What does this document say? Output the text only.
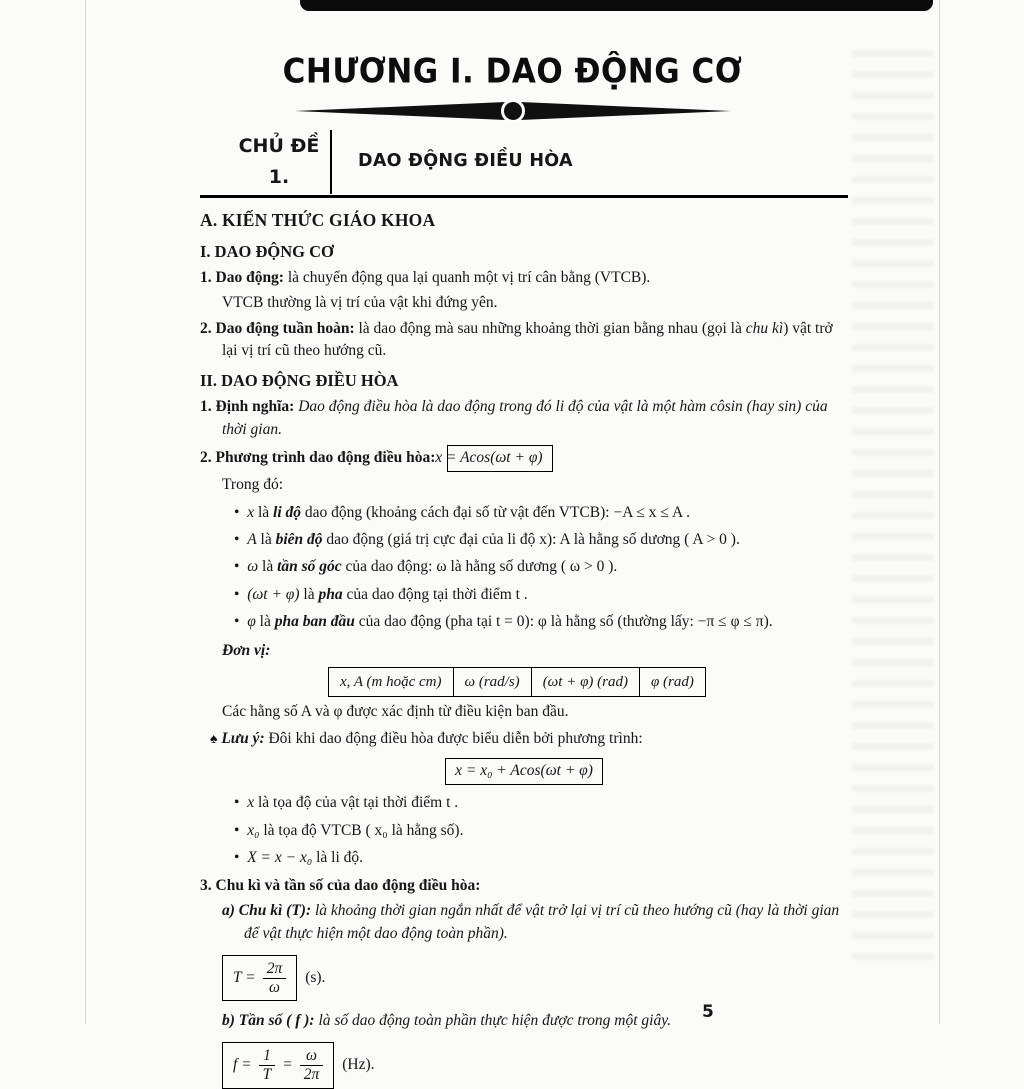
CHƯƠNG I. DAO ĐỘNG CƠ
CHỦ ĐỀ
1.
DAO ĐỘNG ĐIỀU HÒA
A. KIẾN THỨC GIÁO KHOA
I. DAO ĐỘNG CƠ
1. Dao động: là chuyển động qua lại quanh một vị trí cân bằng (VTCB).
VTCB thường là vị trí của vật khi đứng yên.
2. Dao động tuần hoàn: là dao động mà sau những khoảng thời gian bằng nhau (gọi là chu kì) vật trở lại vị trí cũ theo hướng cũ.
II. DAO ĐỘNG ĐIỀU HÒA
1. Định nghĩa: Dao động điều hòa là dao động trong đó li độ của vật là một hàm côsin (hay sin) của thời gian.
2. Phương trình dao động điều hòa: x = Acos(ωt + φ)
Trong đó:
• x là li độ dao động (khoảng cách đại số từ vật đến VTCB): −A ≤ x ≤ A .
• A là biên độ dao động (giá trị cực đại của li độ x): A là hằng số dương ( A > 0 ).
• ω là tần số góc của dao động: ω là hằng số dương ( ω > 0 ).
• (ωt + φ) là pha của dao động tại thời điểm t .
• φ là pha ban đầu của dao động (pha tại t = 0): φ là hằng số (thường lấy: −π ≤ φ ≤ π).
Đơn vị:
x, A (m hoặc cm)	ω (rad/s)	(ωt + φ) (rad)	φ (rad)
Các hằng số A và φ được xác định từ điều kiện ban đầu.
♠ Lưu ý: Đôi khi dao động điều hòa được biểu diễn bởi phương trình:
x = x₀ + Acos(ωt + φ)
• x là tọa độ của vật tại thời điểm t .
• x₀ là tọa độ VTCB ( x₀ là hằng số).
• X = x − x₀ là li độ.
3. Chu kì và tần số của dao động điều hòa:
a) Chu kì (T): là khoảng thời gian ngắn nhất để vật trở lại vị trí cũ theo hướng cũ (hay là thời gian để vật thực hiện một dao động toàn phần).
$T = \frac{2\pi}{\omega} (s)$.
b) Tần số ( f ): là số dao động toàn phần thực hiện được trong một giây.
$f = \frac{1}{T} = \frac{\omega}{2\pi} (Hz)$.
5
